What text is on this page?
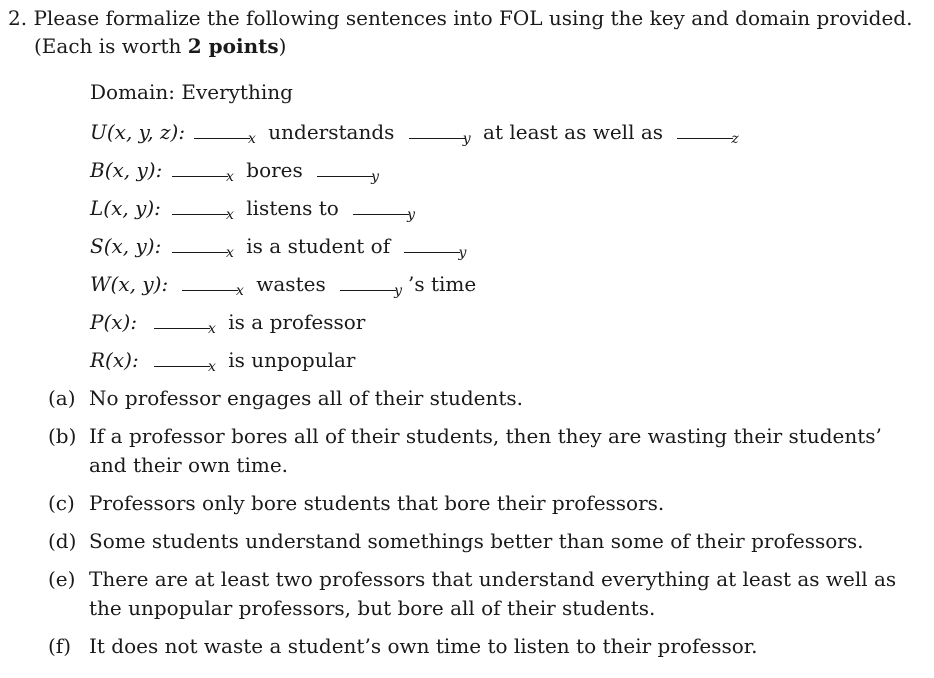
2. Please formalize the following sentences into FOL using the key and domain provided.
(Each is worth 2 points)
Domain: Everything
U(x, y, z):	$_x$ understands	$_y$ at least as well as	$_z$
B(x, y):	$_x$ bores	$_y$
L(x, y):	$_x$ listens to	$_y$
S(x, y):	$_x$ is a student of	$_y$
W(x, y):	$_x$ wastes	$_y$ ’s time
P(x):	$_x$ is a professor
R(x):	$_x$ is unpopular
(a) No professor engages all of their students.
(b) If a professor bores all of their students, then they are wasting their students’ and their own time.
(c) Professors only bore students that bore their professors.
(d) Some students understand somethings better than some of their professors.
(e) There are at least two professors that understand everything at least as well as the unpopular professors, but bore all of their students.
(f) It does not waste a student’s own time to listen to their professor.
